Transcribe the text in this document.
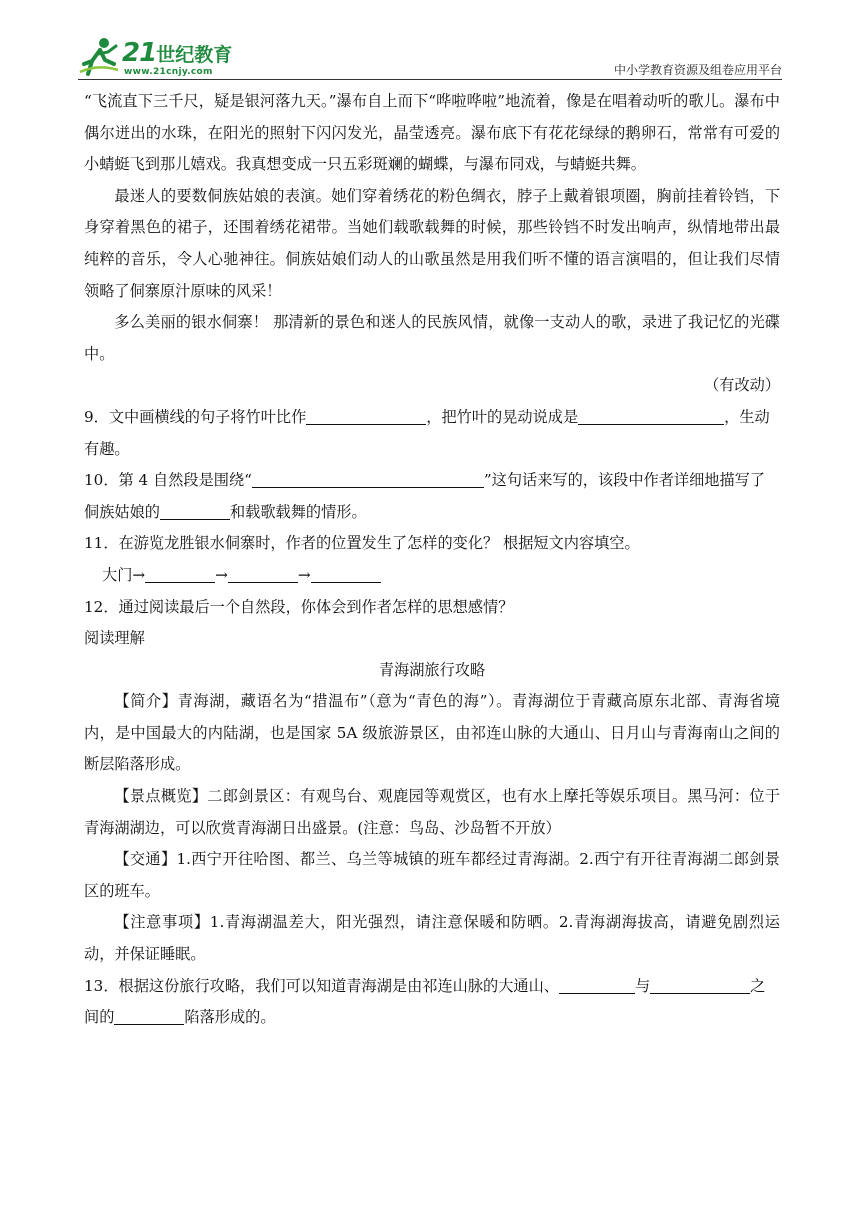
21世纪教育
www.21cnjy.com	中小学教育资源及组卷应用平台

“飞流直下三千尺，疑是银河落九天。”瀑布自上而下“哗啦哗啦”地流着，像是在唱着动听的歌儿。瀑布中偶尔迸出的水珠，在阳光的照射下闪闪发光，晶莹透亮。瀑布底下有花花绿绿的鹅卵石，常常有可爱的小蜻蜓飞到那儿嬉戏。我真想变成一只五彩斑斓的蝴蝶，与瀑布同戏，与蜻蜓共舞。

最迷人的要数侗族姑娘的表演。她们穿着绣花的粉色绸衣，脖子上戴着银项圈，胸前挂着铃铛，下身穿着黑色的裙子，还围着绣花裙带。当她们载歌载舞的时候，那些铃铛不时发出响声，纵情地带出最纯粹的音乐，令人心驰神往。侗族姑娘们动人的山歌虽然是用我们听不懂的语言演唱的，但让我们尽情领略了侗寨原汁原味的风采！

多么美丽的银水侗寨！ 那清新的景色和迷人的民族风情，就像一支动人的歌，录进了我记忆的光碟中。

（有改动）

9．文中画横线的句子将竹叶比作	，把竹叶的晃动说成是	，生动有趣。

10．第 4 自然段是围绕“	”这句话来写的，该段中作者详细地描写了侗族姑娘的	和载歌载舞的情形。

11．在游览龙胜银水侗寨时，作者的位置发生了怎样的变化？ 根据短文内容填空。

大门→	→	→

12．通过阅读最后一个自然段，你体会到作者怎样的思想感情？

阅读理解

青海湖旅行攻略

【简介】青海湖，藏语名为“措温布”（意为“青色的海”）。青海湖位于青藏高原东北部、青海省境内，是中国最大的内陆湖，也是国家 5A 级旅游景区，由祁连山脉的大通山、日月山与青海南山之间的断层陷落形成。

【景点概览】二郎剑景区：有观鸟台、观鹿园等观赏区，也有水上摩托等娱乐项目。黑马河：位于青海湖湖边，可以欣赏青海湖日出盛景。(注意：鸟岛、沙岛暂不开放）

【交通】1.西宁开往哈图、都兰、乌兰等城镇的班车都经过青海湖。2.西宁有开往青海湖二郎剑景区的班车。

【注意事项】1.青海湖温差大，阳光强烈，请注意保暖和防晒。2.青海湖海拔高，请避免剧烈运动，并保证睡眠。

13．根据这份旅行攻略，我们可以知道青海湖是由祁连山脉的大通山、	与	之间的	陷落形成的。
